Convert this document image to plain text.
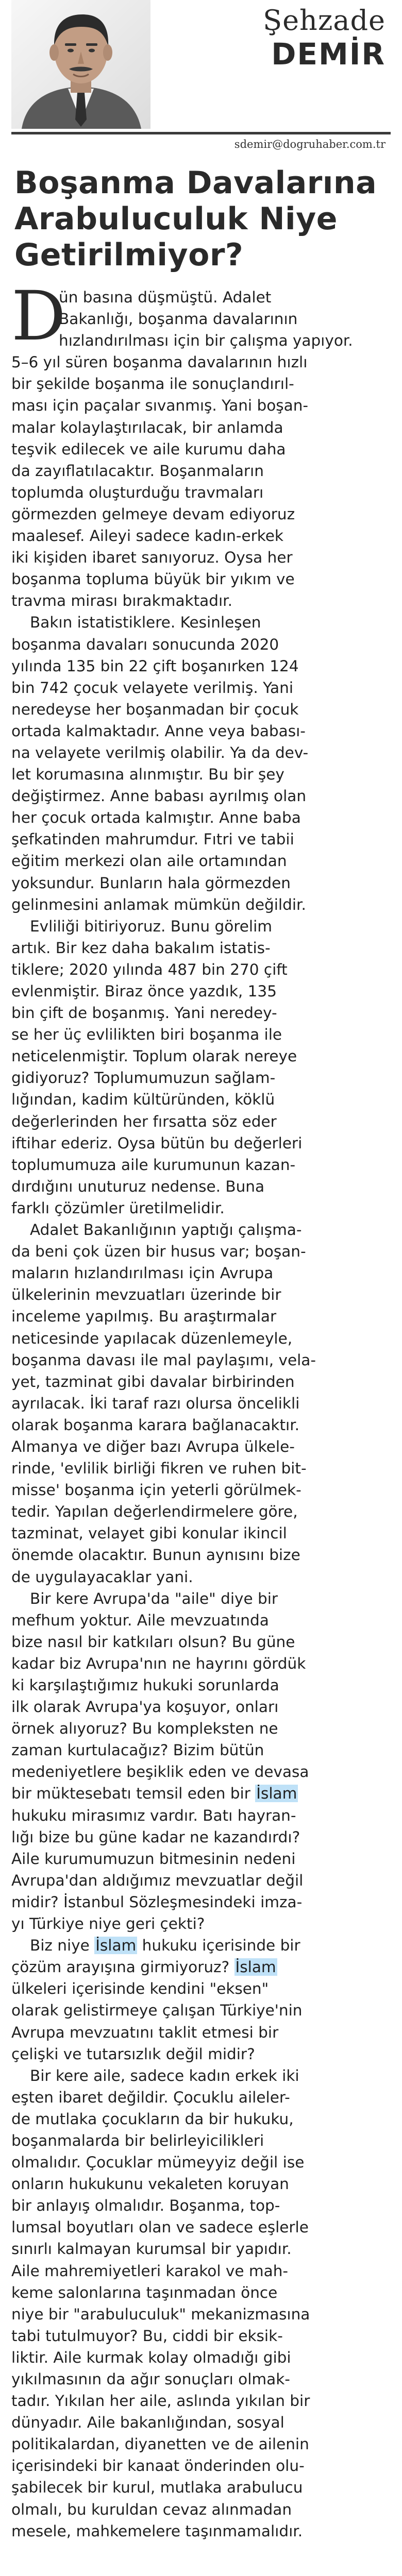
Şehzade
DEMİR
sdemir@dogruhaber.com.tr
Boşanma Davalarına
Arabuluculuk Niye
Getirilmiyor?
D
ün basına düşmüştü. Adalet
Bakanlığı, boşanma davalarının
hızlandırılması için bir çalışma yapıyor.
5–6 yıl süren boşanma davalarının hızlı
bir şekilde boşanma ile sonuçlandırıl-
ması için paçalar sıvanmış. Yani boşan-
malar kolaylaştırılacak, bir anlamda
teşvik edilecek ve aile kurumu daha
da zayıflatılacaktır. Boşanmaların
toplumda oluşturduğu travmaları
görmezden gelmeye devam ediyoruz
maalesef. Aileyi sadece kadın-erkek
iki kişiden ibaret sanıyoruz. Oysa her
boşanma topluma büyük bir yıkım ve
travma mirası bırakmaktadır.
Bakın istatistiklere. Kesinleşen
boşanma davaları sonucunda 2020
yılında 135 bin 22 çift boşanırken 124
bin 742 çocuk velayete verilmiş. Yani
neredeyse her boşanmadan bir çocuk
ortada kalmaktadır. Anne veya babası-
na velayete verilmiş olabilir. Ya da dev-
let korumasına alınmıştır. Bu bir şey
değiştirmez. Anne babası ayrılmış olan
her çocuk ortada kalmıştır. Anne baba
şefkatinden mahrumdur. Fıtri ve tabii
eğitim merkezi olan aile ortamından
yoksundur. Bunların hala görmezden
gelinmesini anlamak mümkün değildir.
Evliliği bitiriyoruz. Bunu görelim
artık. Bir kez daha bakalım istatis-
tiklere; 2020 yılında 487 bin 270 çift
evlenmiştir. Biraz önce yazdık, 135
bin çift de boşanmış. Yani neredey-
se her üç evlilikten biri boşanma ile
neticelenmiştir. Toplum olarak nereye
gidiyoruz? Toplumumuzun sağlam-
lığından, kadim kültüründen, köklü
değerlerinden her fırsatta söz eder
iftihar ederiz. Oysa bütün bu değerleri
toplumumuza aile kurumunun kazan-
dırdığını unuturuz nedense. Buna
farklı çözümler üretilmelidir.
Adalet Bakanlığının yaptığı çalışma-
da beni çok üzen bir husus var; boşan-
maların hızlandırılması için Avrupa
ülkelerinin mevzuatları üzerinde bir
inceleme yapılmış. Bu araştırmalar
neticesinde yapılacak düzenlemeyle,
boşanma davası ile mal paylaşımı, vela-
yet, tazminat gibi davalar birbirinden
ayrılacak. İki taraf razı olursa öncelikli
olarak boşanma karara bağlanacaktır.
Almanya ve diğer bazı Avrupa ülkele-
rinde, 'evlilik birliği fikren ve ruhen bit-
misse' boşanma için yeterli görülmek-
tedir. Yapılan değerlendirmelere göre,
tazminat, velayet gibi konular ikincil
önemde olacaktır. Bunun aynısını bize
de uygulayacaklar yani.
Bir kere Avrupa'da "aile" diye bir
mefhum yoktur. Aile mevzuatında
bize nasıl bir katkıları olsun? Bu güne
kadar biz Avrupa'nın ne hayrını gördük
ki karşılaştığımız hukuki sorunlarda
ilk olarak Avrupa'ya koşuyor, onları
örnek alıyoruz? Bu kompleksten ne
zaman kurtulacağız? Bizim bütün
medeniyetlere beşiklik eden ve devasa
bir müktesebatı temsil eden bir İslam
hukuku mirasımız vardır. Batı hayran-
lığı bize bu güne kadar ne kazandırdı?
Aile kurumumuzun bitmesinin nedeni
Avrupa'dan aldığımız mevzuatlar değil
midir? İstanbul Sözleşmesindeki imza-
yı Türkiye niye geri çekti?
Biz niye İslam hukuku içerisinde bir
çözüm arayışına girmiyoruz? İslam
ülkeleri içerisinde kendini "eksen"
olarak gelistirmeye çalışan Türkiye'nin
Avrupa mevzuatını taklit etmesi bir
çelişki ve tutarsızlık değil midir?
Bir kere aile, sadece kadın erkek iki
eşten ibaret değildir. Çocuklu aileler-
de mutlaka çocukların da bir hukuku,
boşanmalarda bir belirleyicilikleri
olmalıdır. Çocuklar mümeyyiz değil ise
onların hukukunu vekaleten koruyan
bir anlayış olmalıdır. Boşanma, top-
lumsal boyutları olan ve sadece eşlerle
sınırlı kalmayan kurumsal bir yapıdır.
Aile mahremiyetleri karakol ve mah-
keme salonlarına taşınmadan önce
niye bir "arabuluculuk" mekanizmasına
tabi tutulmuyor? Bu, ciddi bir eksik-
liktir. Aile kurmak kolay olmadığı gibi
yıkılmasının da ağır sonuçları olmak-
tadır. Yıkılan her aile, aslında yıkılan bir
dünyadır. Aile bakanlığından, sosyal
politikalardan, diyanetten ve de ailenin
içerisindeki bir kanaat önderinden olu-
şabilecek bir kurul, mutlaka arabulucu
olmalı, bu kuruldan cevaz alınmadan
mesele, mahkemelere taşınmamalıdır.
